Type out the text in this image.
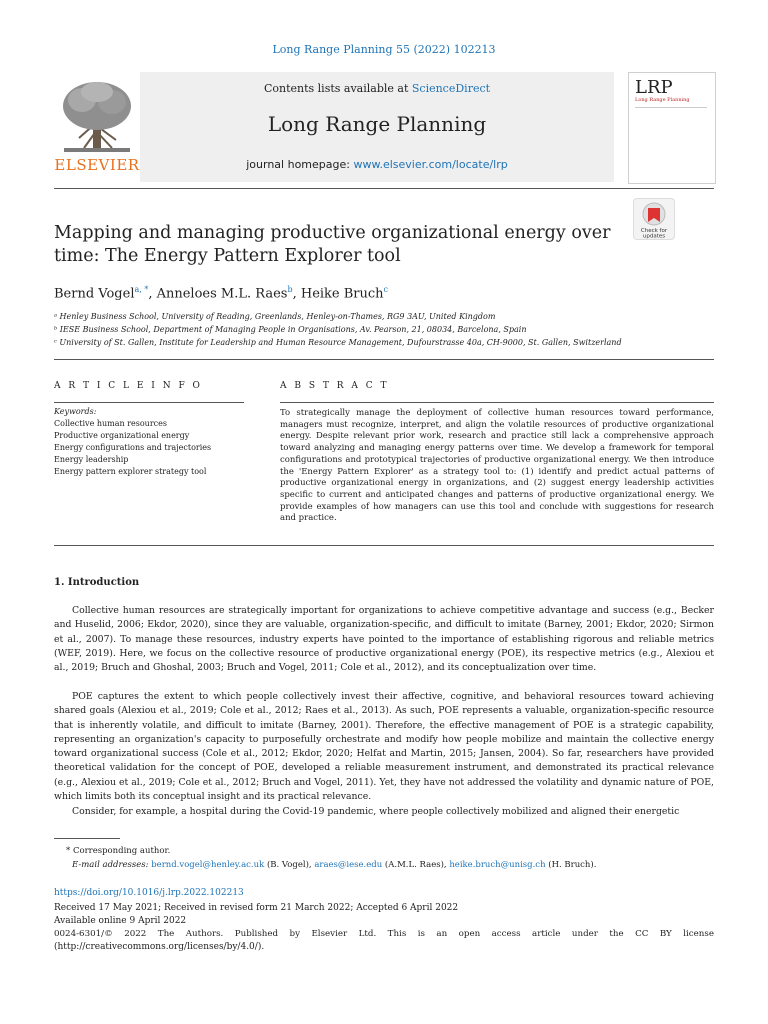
Long Range Planning 55 (2022) 102213
ELSEVIER
Contents lists available at ScienceDirect
Long Range Planning
journal homepage: www.elsevier.com/locate/lrp
LRP
Long Range Planning
Mapping and managing productive organizational energy over time: The Energy Pattern Explorer tool
Check for
updates
Bernd Vogel$^{a, *}$, Anneloes M.L. Raes$^b$, Heike Bruch$^c$
ᵃ Henley Business School, University of Reading, Greenlands, Henley-on-Thames, RG9 3AU, United Kingdom
ᵇ IESE Business School, Department of Managing People in Organisations, Av. Pearson, 21, 08034, Barcelona, Spain
ᶜ University of St. Gallen, Institute for Leadership and Human Resource Management, Dufourstrasse 40a, CH-9000, St. Gallen, Switzerland
A R T I C L E I N F O	A B S T R A C T
Keywords:
Collective human resources
Productive organizational energy
Energy configurations and trajectories
Energy leadership
Energy pattern explorer strategy tool
To strategically manage the deployment of collective human resources toward performance, managers must recognize, interpret, and align the volatile resources of productive organizational energy. Despite relevant prior work, research and practice still lack a comprehensive approach toward analyzing and managing energy patterns over time. We develop a framework for temporal configurations and prototypical trajectories of productive organizational energy. We then introduce the 'Energy Pattern Explorer' as a strategy tool to: (1) identify and predict actual patterns of productive organizational energy in organizations, and (2) suggest energy leadership activities specific to current and anticipated changes and patterns of productive organizational energy. We provide examples of how managers can use this tool and conclude with suggestions for research and practice.
1. Introduction
Collective human resources are strategically important for organizations to achieve competitive advantage and success (e.g., Becker and Huselid, 2006; Ekdor, 2020), since they are valuable, organization-specific, and difficult to imitate (Barney, 2001; Ekdor, 2020; Sirmon et al., 2007). To manage these resources, industry experts have pointed to the importance of establishing rigorous and reliable metrics (WEF, 2019). Here, we focus on the collective resource of productive organizational energy (POE), its respective metrics (e.g., Alexiou et al., 2019; Bruch and Ghoshal, 2003; Bruch and Vogel, 2011; Cole et al., 2012), and its conceptualization over time.
POE captures the extent to which people collectively invest their affective, cognitive, and behavioral resources toward achieving shared goals (Alexiou et al., 2019; Cole et al., 2012; Raes et al., 2013). As such, POE represents a valuable, organization-specific resource that is inherently volatile, and difficult to imitate (Barney, 2001). Therefore, the effective management of POE is a strategic capability, representing an organization's capacity to purposefully orchestrate and modify how people mobilize and maintain the collective energy toward organizational success (Cole et al., 2012; Ekdor, 2020; Helfat and Martin, 2015; Jansen, 2004). So far, researchers have provided theoretical validation for the concept of POE, developed a reliable measurement instrument, and demonstrated its practical relevance (e.g., Alexiou et al., 2019; Cole et al., 2012; Bruch and Vogel, 2011). Yet, they have not addressed the volatility and dynamic nature of POE, which limits both its conceptual insight and its practical relevance.
Consider, for example, a hospital during the Covid-19 pandemic, where people collectively mobilized and aligned their energetic
* Corresponding author.
E-mail addresses: bernd.vogel@henley.ac.uk (B. Vogel), araes@iese.edu (A.M.L. Raes), heike.bruch@unisg.ch (H. Bruch).
https://doi.org/10.1016/j.lrp.2022.102213
Received 17 May 2021; Received in revised form 21 March 2022; Accepted 6 April 2022
Available online 9 April 2022
0024-6301/© 2022 The Authors. Published by Elsevier Ltd. This is an open access article under the CC BY license
(http://creativecommons.org/licenses/by/4.0/).
